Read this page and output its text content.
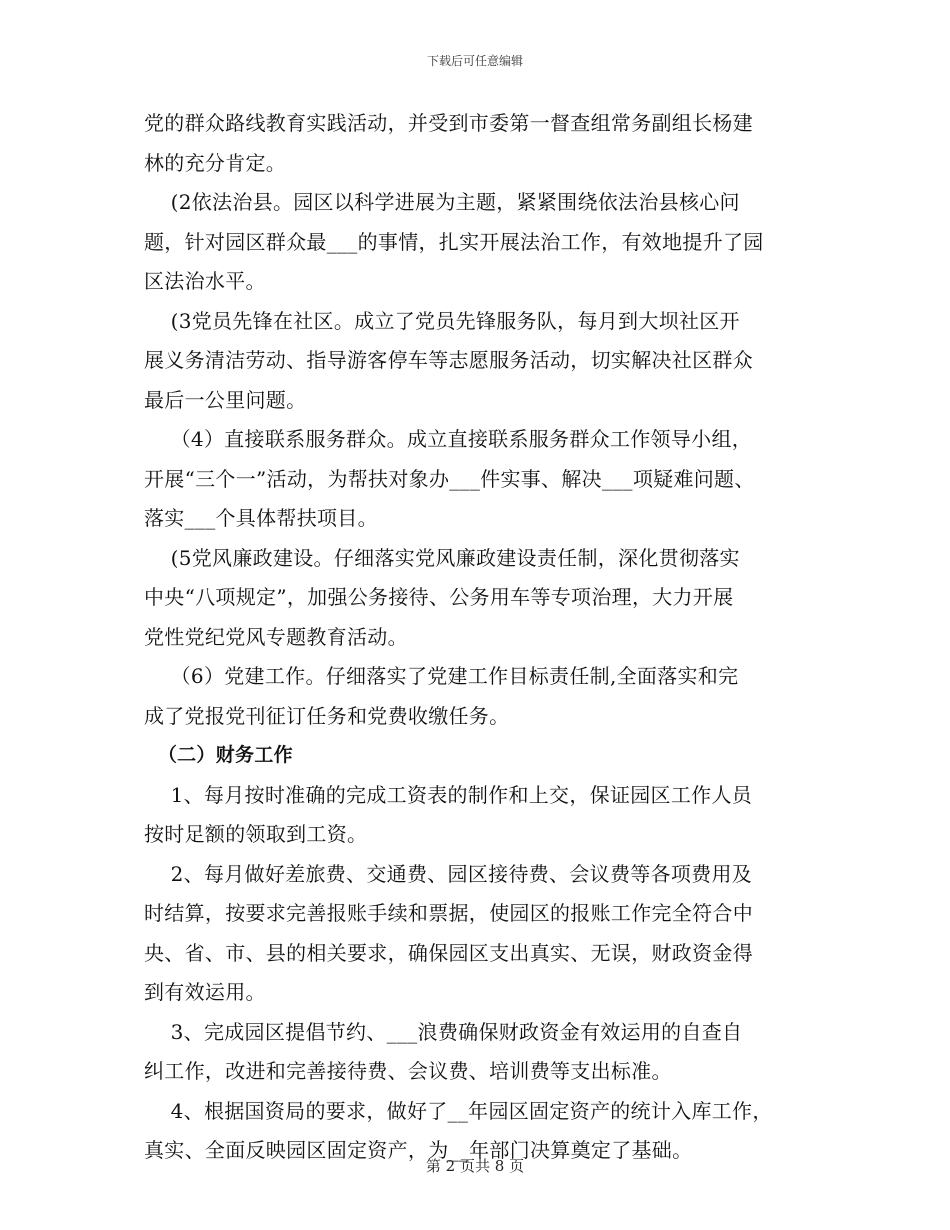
下载后可任意编辑
党的群众路线教育实践活动，并受到市委第一督查组常务副组长杨建
林的充分肯定。
(2依法治县。园区以科学进展为主题，紧紧围绕依法治县核心问
题，针对园区群众最___的事情，扎实开展法治工作，有效地提升了园
区法治水平。
(3党员先锋在社区。成立了党员先锋服务队，每月到大坝社区开
展义务清洁劳动、指导游客停车等志愿服务活动，切实解决社区群众
最后一公里问题。
（4）直接联系服务群众。成立直接联系服务群众工作领导小组，
开展“三个一”活动，为帮扶对象办___件实事、解决___项疑难问题、
落实___个具体帮扶项目。
(5党风廉政建设。仔细落实党风廉政建设责任制，深化贯彻落实
中央“八项规定”，加强公务接待、公务用车等专项治理，大力开展
党性党纪党风专题教育活动。
（6）党建工作。仔细落实了党建工作目标责任制,全面落实和完
成了党报党刊征订任务和党费收缴任务。
（二）财务工作
1、每月按时准确的完成工资表的制作和上交，保证园区工作人员
按时足额的领取到工资。
2、每月做好差旅费、交通费、园区接待费、会议费等各项费用及
时结算，按要求完善报账手续和票据，使园区的报账工作完全符合中
央、省、市、县的相关要求，确保园区支出真实、无误，财政资金得
到有效运用。
3、完成园区提倡节约、___浪费确保财政资金有效运用的自查自
纠工作，改进和完善接待费、会议费、培训费等支出标准。
4、根据国资局的要求，做好了__年园区固定资产的统计入库工作，
真实、全面反映园区固定资产，为__年部门决算奠定了基础。
第 2 页共 8 页
